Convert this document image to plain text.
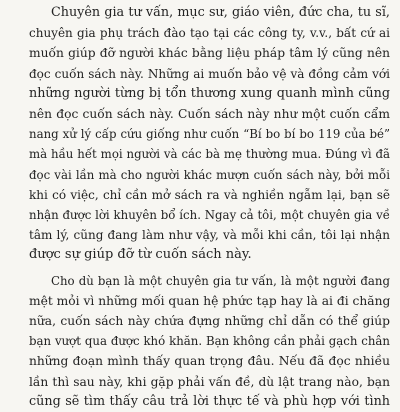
Chuyên gia tư vấn, mục sư, giáo viên, đức cha, tu sĩ,
chuyên gia phụ trách đào tạo tại các công ty, v.v., bất cứ ai
muốn giúp đỡ người khác bằng liệu pháp tâm lý cũng nên
đọc cuốn sách này. Những ai muốn bảo vệ và đồng cảm với
những người từng bị tổn thương xung quanh mình cũng
nên đọc cuốn sách này. Cuốn sách này như một cuốn cẩm
nang xử lý cấp cứu giống như cuốn “Bí bo bí bo 119 của bé”
mà hầu hết mọi người và các bà mẹ thường mua. Đúng vì đã
đọc vài lần mà cho người khác mượn cuốn sách này, bởi mỗi
khi có việc, chỉ cần mở sách ra và nghiền ngẫm lại, bạn sẽ
nhận được lời khuyên bổ ích. Ngay cả tôi, một chuyên gia về
tâm lý, cũng đang làm như vậy, và mỗi khi cần, tôi lại nhận
được sự giúp đỡ từ cuốn sách này.
Cho dù bạn là một chuyên gia tư vấn, là một người đang
mệt mỏi vì những mối quan hệ phức tạp hay là ai đi chăng
nữa, cuốn sách này chứa đựng những chỉ dẫn có thể giúp
bạn vượt qua được khó khăn. Bạn không cần phải gạch chân
những đoạn mình thấy quan trọng đâu. Nếu đã đọc nhiều
lần thì sau này, khi gặp phải vấn đề, dù lật trang nào, bạn
cũng sẽ tìm thấy câu trả lời thực tế và phù hợp với tình
